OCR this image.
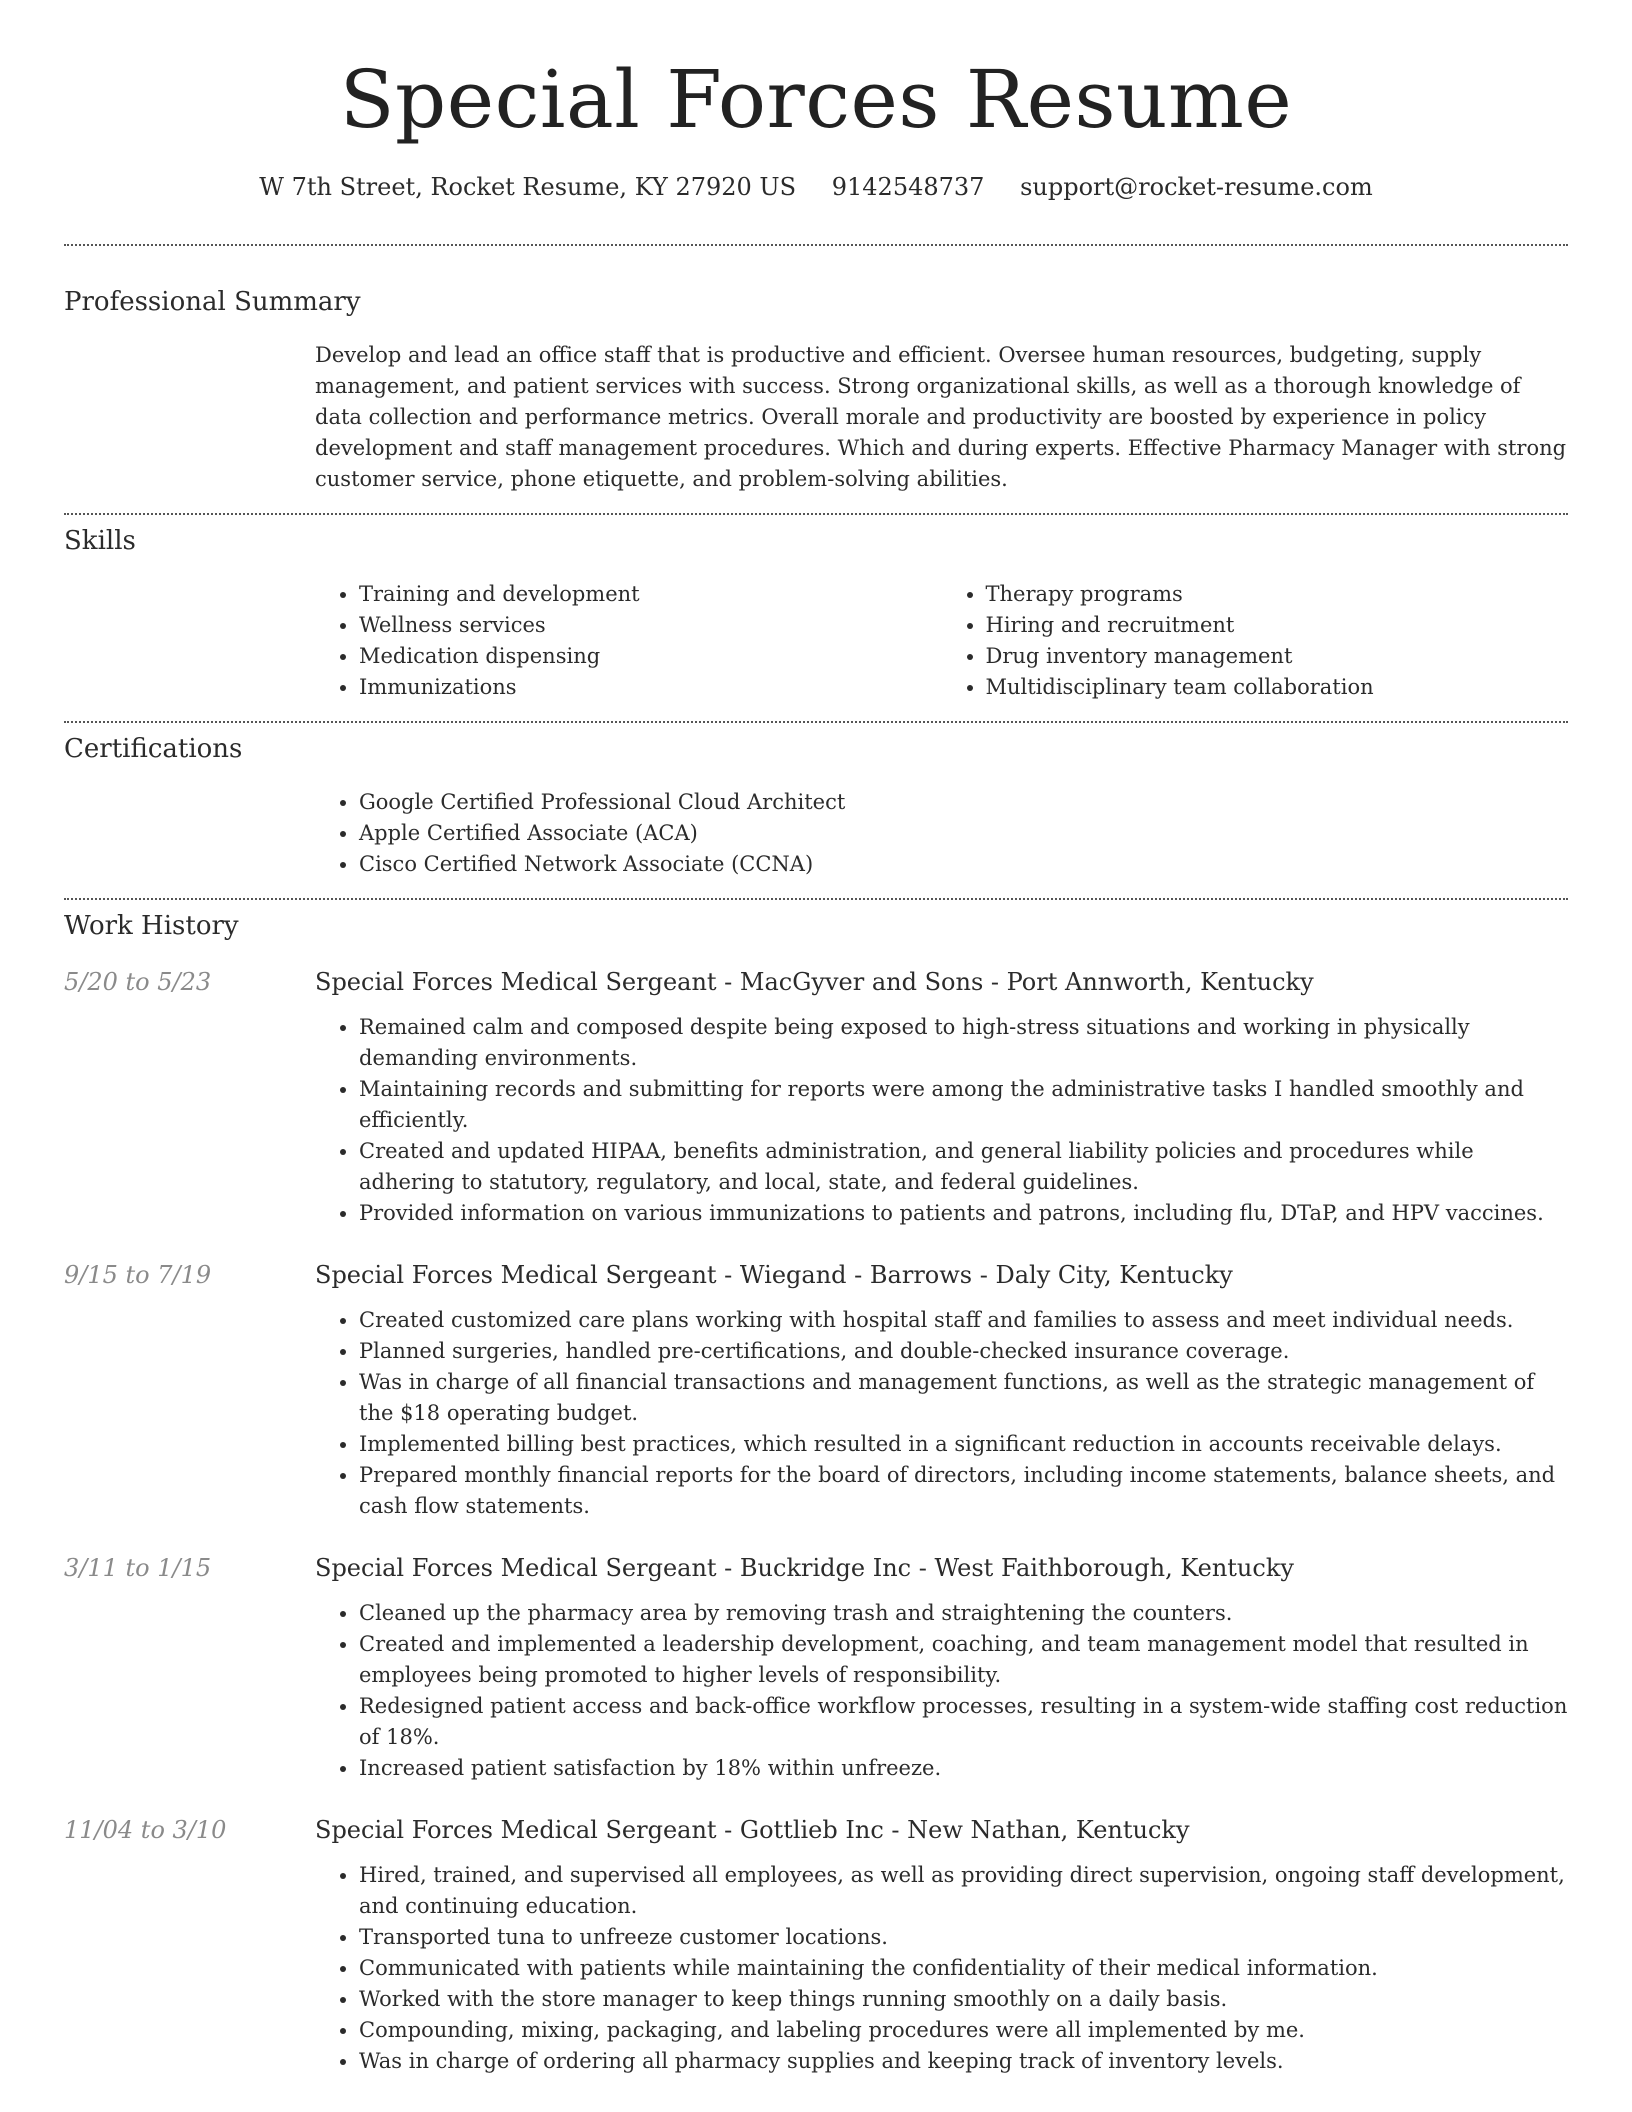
Special Forces Resume
W 7th Street, Rocket Resume, KY 27920 US 9142548737 support@rocket-resume.com
Professional Summary

Develop and lead an office staff that is productive and efficient. Oversee human resources, budgeting, supply management, and patient services with success. Strong organizational skills, as well as a thorough knowledge of data collection and performance metrics. Overall morale and productivity are boosted by experience in policy development and staff management procedures. Which and during experts. Effective Pharmacy Manager with strong customer service, phone etiquette, and problem-solving abilities.

Skills
• Training and development
• Wellness services
• Medication dispensing
• Immunizations
• Therapy programs
• Hiring and recruitment
• Drug inventory management
• Multidisciplinary team collaboration
Certifications
• Google Certified Professional Cloud Architect
• Apple Certified Associate (ACA)
• Cisco Certified Network Associate (CCNA)
Work History
5/20 to 5/23	Special Forces Medical Sergeant - MacGyver and Sons - Port Annworth, Kentucky
• Remained calm and composed despite being exposed to high-stress situations and working in physically demanding environments.
• Maintaining records and submitting for reports were among the administrative tasks I handled smoothly and efficiently.
• Created and updated HIPAA, benefits administration, and general liability policies and procedures while adhering to statutory, regulatory, and local, state, and federal guidelines.
• Provided information on various immunizations to patients and patrons, including flu, DTaP, and HPV vaccines.
9/15 to 7/19	Special Forces Medical Sergeant - Wiegand - Barrows - Daly City, Kentucky
• Created customized care plans working with hospital staff and families to assess and meet individual needs.
• Planned surgeries, handled pre-certifications, and double-checked insurance coverage.
• Was in charge of all financial transactions and management functions, as well as the strategic management of the $18 operating budget.
• Implemented billing best practices, which resulted in a significant reduction in accounts receivable delays.
• Prepared monthly financial reports for the board of directors, including income statements, balance sheets, and cash flow statements.
3/11 to 1/15	Special Forces Medical Sergeant - Buckridge Inc - West Faithborough, Kentucky
• Cleaned up the pharmacy area by removing trash and straightening the counters.
• Created and implemented a leadership development, coaching, and team management model that resulted in employees being promoted to higher levels of responsibility.
• Redesigned patient access and back-office workflow processes, resulting in a system-wide staffing cost reduction of 18%.
• Increased patient satisfaction by 18% within unfreeze.
11/04 to 3/10	Special Forces Medical Sergeant - Gottlieb Inc - New Nathan, Kentucky
• Hired, trained, and supervised all employees, as well as providing direct supervision, ongoing staff development, and continuing education.
• Transported tuna to unfreeze customer locations.
• Communicated with patients while maintaining the confidentiality of their medical information.
• Worked with the store manager to keep things running smoothly on a daily basis.
• Compounding, mixing, packaging, and labeling procedures were all implemented by me.
• Was in charge of ordering all pharmacy supplies and keeping track of inventory levels.
